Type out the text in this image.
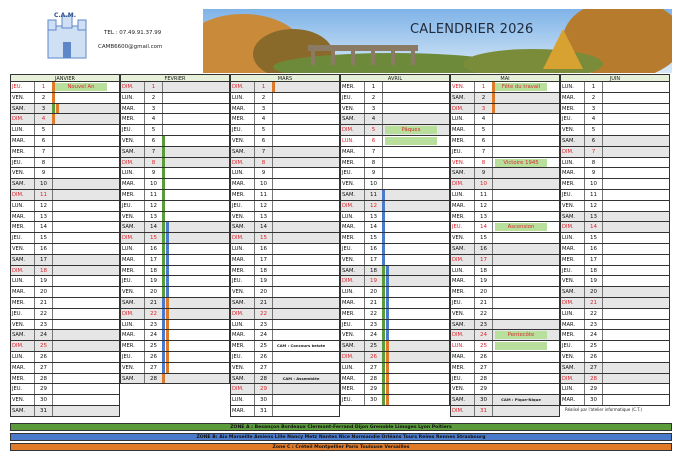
C.A.M.
TEL : 07.49.91.37.99
CAMB6600@gmail.com
CALENDRIER 2026
JANVIER
JEU.	1	Nouvel An
VEN.	2
SAM.	3
DIM.	4
LUN.	5
MAR.	6
MER.	7
JEU.	8
VEN.	9
SAM.	10
DIM.	11
LUN.	12
MAR.	13
MER.	14
JEU.	15
VEN.	16
SAM.	17
DIM.	18
LUN.	19
MAR.	20
MER.	21
JEU.	22
VEN.	23
SAM.	24
DIM.	25
LUN.	26
MAR.	27
MER.	28
JEU.	29
VEN.	30
SAM.	31
FEVRIER
DIM.	1
LUN.	2
MAR.	3
MER.	4
JEU.	5
VEN.	6
SAM.	7
DIM.	8
LUN.	9
MAR.	10
MER.	11
JEU.	12
VEN.	13
SAM.	14
DIM.	15
LUN.	16
MAR.	17
MER.	18
JEU.	19
VEN.	20
SAM.	21
DIM.	22
LUN.	23
MAR.	24
MER.	25
JEU.	26
VEN.	27
SAM.	28
MARS
DIM.	1
LUN.	2
MAR.	3
MER.	4
JEU.	5
VEN.	6
SAM.	7
DIM.	8
LUN.	9
MAR.	10
MER.	11
JEU.	12
VEN.	13
SAM.	14
DIM.	15
LUN.	16
MAR.	17
MER.	18
JEU.	19
VEN.	20
SAM.	21
DIM.	22
LUN.	23
MAR.	24
MER.	25	CAM : Concours belote
JEU.	26
VEN.	27
SAM.	28	CAM : Assemblée
DIM.	29
LUN.	30
MAR.	31
AVRIL
MER.	1
JEU.	2
VEN.	3
SAM.	4
DIM.	5	Pâques
LUN.	6
MAR.	7
MER.	8
JEU.	9
VEN.	10
SAM.	11
DIM.	12
LUN.	13
MAR.	14
MER.	15
JEU.	16
VEN.	17
SAM.	18
DIM.	19
LUN.	20
MAR.	21
MER.	22
JEU.	23
VEN.	24
SAM.	25
DIM.	26
LUN.	27
MAR.	28
MER.	29
JEU.	30
MAI
VEN.	1	Fête du travail
SAM.	2
DIM.	3
LUN.	4
MAR.	5
MER.	6
JEU.	7
VEN.	8	Victoire 1945
SAM.	9
DIM.	10
LUN.	11
MAR.	12
MER.	13
JEU.	14	Ascension
VEN.	15
SAM.	16
DIM.	17
LUN.	18
MAR.	19
MER.	20
JEU.	21
VEN.	22
SAM.	23
DIM.	24	Pentecôte
LUN.	25
MAR.	26
MER.	27
JEU.	28
VEN.	29
SAM.	30	CAM : Pique-Nique
DIM.	31
JUIN
LUN.	1
MAR.	2
MER.	3
JEU.	4
VEN.	5
SAM.	6
DIM.	7
LUN.	8
MAR.	9
MER.	10
JEU.	11
VEN.	12
SAM.	13
DIM.	14
LUN.	15
MAR.	16
MER.	17
JEU.	18
VEN.	19
SAM.	20
DIM.	21
LUN.	22
MAR.	23
MER.	24
JEU.	25
VEN.	26
SAM.	27
DIM.	28
LUN.	29
MAR.	30
Réalisé par l'atelier informatique (C.T.)
ZONE A : Besançon Bordeaux Clermont-Ferrand Dijon Grenoble Limoges Lyon Poitiers
ZONE B: Aix Marseille Amiens Lille Nancy Metz Nantes Nice Normandie Orléans Tours Reims Rennes Strasbourg
Zone C : Créteil Montpellier Paris Toulouse Versailles
